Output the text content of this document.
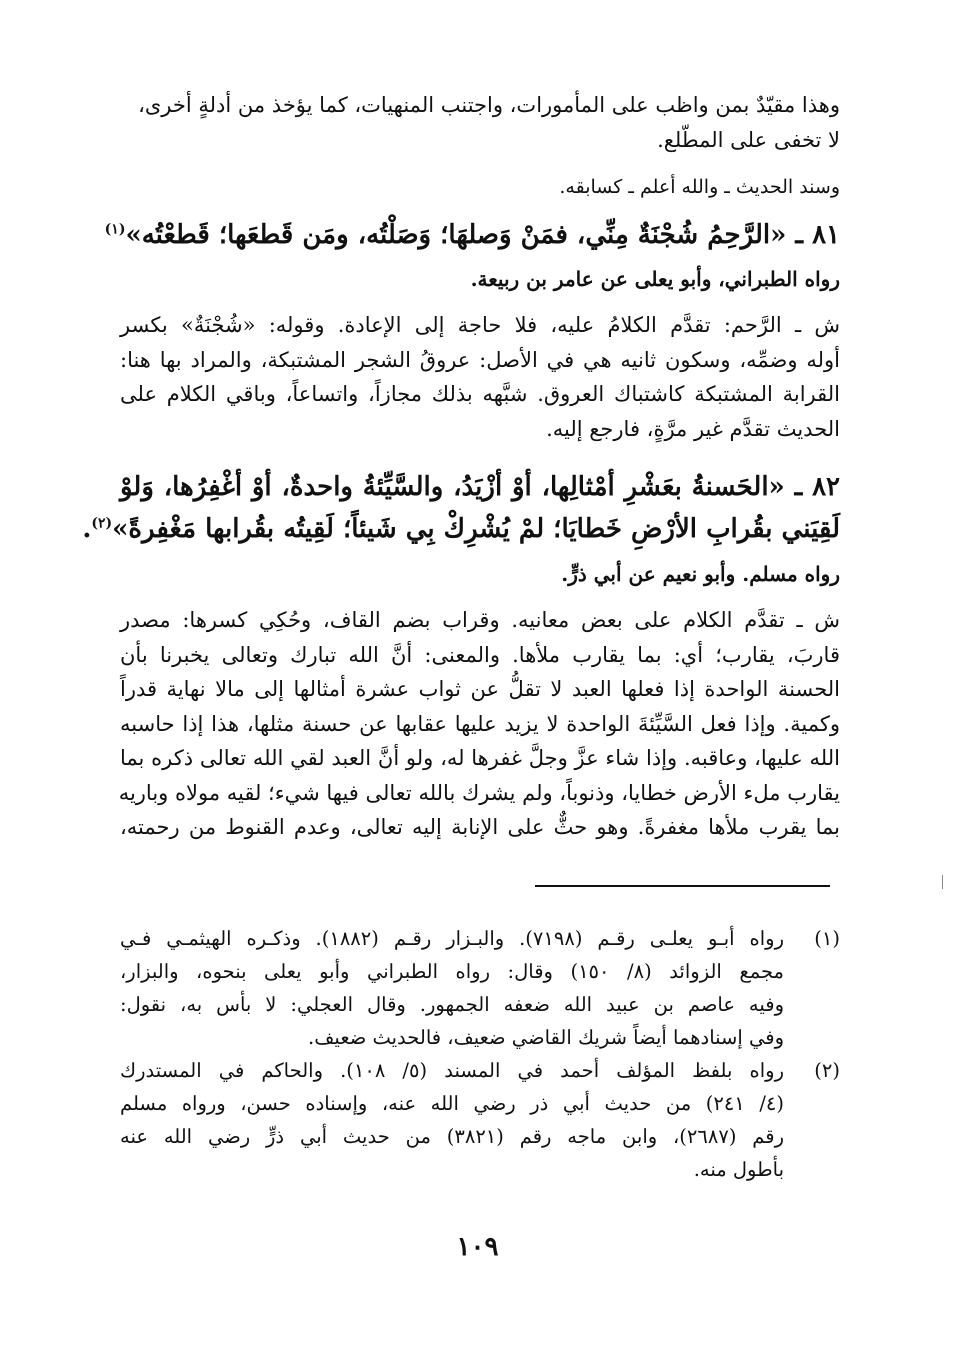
وهذا مقيّدٌ بمن واظب على المأمورات، واجتنب المنهيات، كما يؤخذ من أدلةٍ أخرى،
لا تخفى على المطّلع.
وسند الحديث ـ والله أعلم ـ كسابقه.
٨١ ـ «الرَّحِمُ شُجْنَةٌ مِنِّي، فمَنْ وَصلهَا؛ وَصَلْتُه، ومَن قَطعَها؛ قَطعْتُه»$^{(١)}$
رواه الطبراني، وأبو يعلى عن عامر بن ربيعة.
ش ـ الرَّحم: تقدَّم الكلامُ عليه، فلا حاجة إلى الإعادة. وقوله: «شُجْنَةٌ» بكسر
أوله وضمِّه، وسكون ثانيه هي في الأصل: عروقُ الشجر المشتبكة، والمراد بها هنا:
القرابة المشتبكة كاشتباك العروق. شبَّهه بذلك مجازاً، واتساعاً، وباقي الكلام على
الحديث تقدَّم غير مرَّةٍ، فارجع إليه.
٨٢ ـ «الحَسنةُ بعَشْرِ أمْثالِها، أوْ أزْيَدُ، والسَّيِّئةُ واحدةٌ، أوْ أغْفِرُها، وَلوْ
لَقِيَني بقُرابِ الأرْضِ خَطايَا؛ لمْ يُشْرِكْ بِي شَيئاً؛ لَقِيتُه بقُرابها مَغْفِرةً»$^{(٢)}$.
رواه مسلم. وأبو نعيم عن أبي ذرٍّ.
ش ـ تقدَّم الكلام على بعض معانيه. وقراب بضم القاف، وحُكِي كسرها: مصدر
قاربَ، يقارب؛ أي: بما يقارب ملأها. والمعنى: أنَّ الله تبارك وتعالى يخبرنا بأن
الحسنة الواحدة إذا فعلها العبد لا تقلُّ عن ثواب عشرة أمثالها إلى مالا نهاية قدراً
وكمية. وإذا فعل السَّيِّئةَ الواحدة لا يزيد عليها عقابها عن حسنة مثلها، هذا إذا حاسبه
الله عليها، وعاقبه. وإذا شاء عزَّ وجلَّ غفرها له، ولو أنَّ العبد لقي الله تعالى ذكره بما
يقارب ملء الأرض خطايا، وذنوباً، ولم يشرك بالله تعالى فيها شيء؛ لقيه مولاه وباريه
بما يقرب ملأها مغفرةً. وهو حثٌّ على الإنابة إليه تعالى، وعدم القنوط من رحمته،
(١)
رواه أبـو يعلـى رقـم (٧١٩٨). والبـزار رقـم (١٨٨٢). وذكـره الهيثمـي فـي
مجمع الزوائد (٨/ ١٥٠) وقال: رواه الطبراني وأبو يعلى بنحوه، والبزار،
وفيه عاصم بن عبيد الله ضعفه الجمهور. وقال العجلي: لا بأس به، نقول:
وفي إسنادهما أيضاً شريك القاضي ضعيف، فالحديث ضعيف.
(٢)
رواه بلفظ المؤلف أحمد في المسند (٥/ ١٠٨). والحاكم في المستدرك
(٤/ ٢٤١) من حديث أبي ذر رضي الله عنه، وإسناده حسن، ورواه مسلم
رقم (٢٦٨٧)، وابن ماجه رقم (٣٨٢١) من حديث أبي ذرٍّ رضي الله عنه
بأطول منه.
١٠٩
